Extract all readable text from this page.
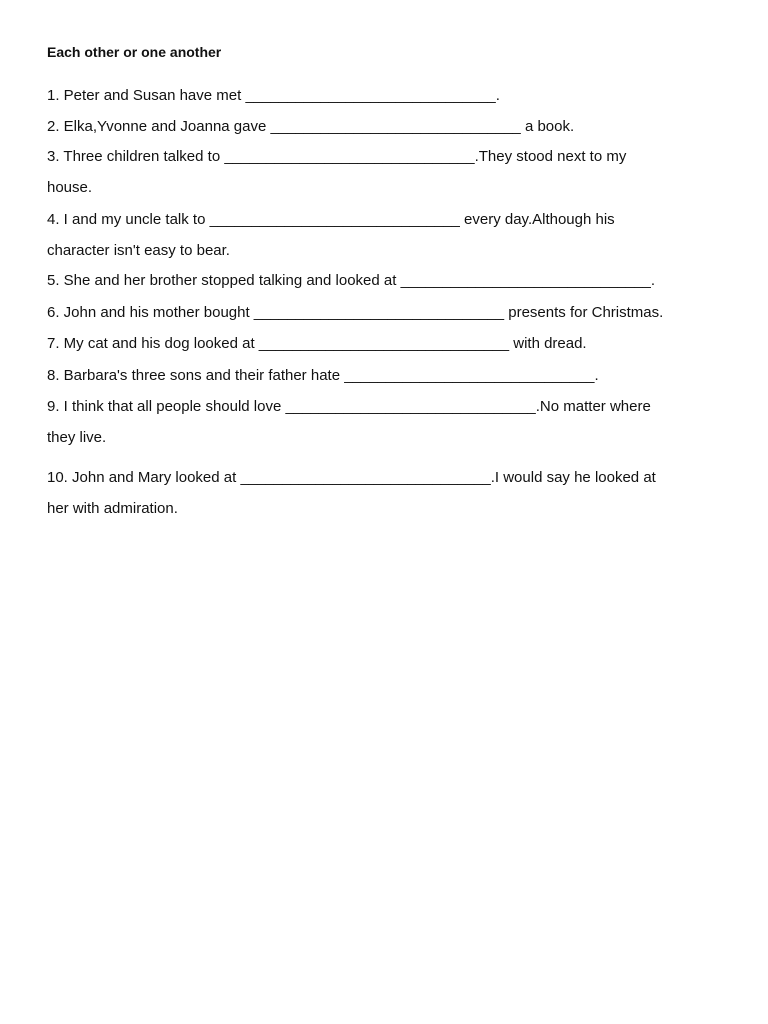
Each other or one another
1. Peter and Susan have met ______________________________.
2. Elka,Yvonne and Joanna gave ______________________________ a book.
3. Three children talked to ______________________________.They stood next to my
house.
4. I and my uncle talk to ______________________________ every day.Although his
character isn't easy to bear.
5. She and her brother stopped talking and looked at ______________________________.
6. John and his mother bought ______________________________ presents for Christmas.
7. My cat and his dog looked at ______________________________ with dread.
8. Barbara's three sons and their father hate ______________________________.
9. I think that all people should love ______________________________.No matter where
they live.
10. John and Mary looked at ______________________________.I would say he looked at
her with admiration.
